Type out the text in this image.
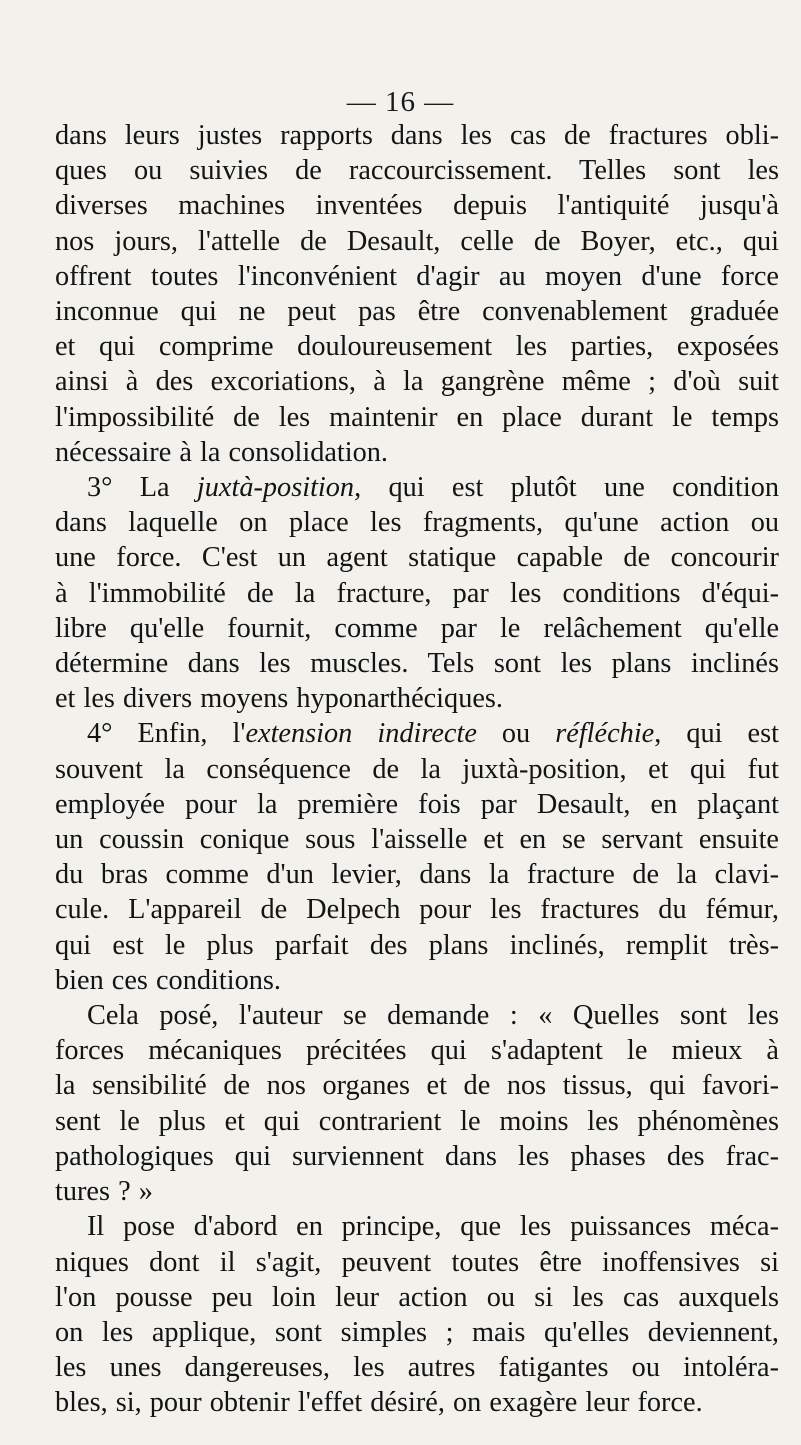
— 16 —
dans leurs justes rapports dans les cas de fractures obli-
ques ou suivies de raccourcissement. Telles sont les
diverses machines inventées depuis l'antiquité jusqu'à
nos jours, l'attelle de Desault, celle de Boyer, etc., qui
offrent toutes l'inconvénient d'agir au moyen d'une force
inconnue qui ne peut pas être convenablement graduée
et qui comprime douloureusement les parties, exposées
ainsi à des excoriations, à la gangrène même ; d'où suit
l'impossibilité de les maintenir en place durant le temps
nécessaire à la consolidation.
3° La juxtà-position, qui est plutôt une condition
dans laquelle on place les fragments, qu'une action ou
une force. C'est un agent statique capable de concourir
à l'immobilité de la fracture, par les conditions d'équi-
libre qu'elle fournit, comme par le relâchement qu'elle
détermine dans les muscles. Tels sont les plans inclinés
et les divers moyens hyponarthéciques.
4° Enfin, l'extension indirecte ou réfléchie, qui est
souvent la conséquence de la juxtà-position, et qui fut
employée pour la première fois par Desault, en plaçant
un coussin conique sous l'aisselle et en se servant ensuite
du bras comme d'un levier, dans la fracture de la clavi-
cule. L'appareil de Delpech pour les fractures du fémur,
qui est le plus parfait des plans inclinés, remplit très-
bien ces conditions.
Cela posé, l'auteur se demande : « Quelles sont les
forces mécaniques précitées qui s'adaptent le mieux à
la sensibilité de nos organes et de nos tissus, qui favori-
sent le plus et qui contrarient le moins les phénomènes
pathologiques qui surviennent dans les phases des frac-
tures ? »
Il pose d'abord en principe, que les puissances méca-
niques dont il s'agit, peuvent toutes être inoffensives si
l'on pousse peu loin leur action ou si les cas auxquels
on les applique, sont simples ; mais qu'elles deviennent,
les unes dangereuses, les autres fatigantes ou intoléra-
bles, si, pour obtenir l'effet désiré, on exagère leur force.
